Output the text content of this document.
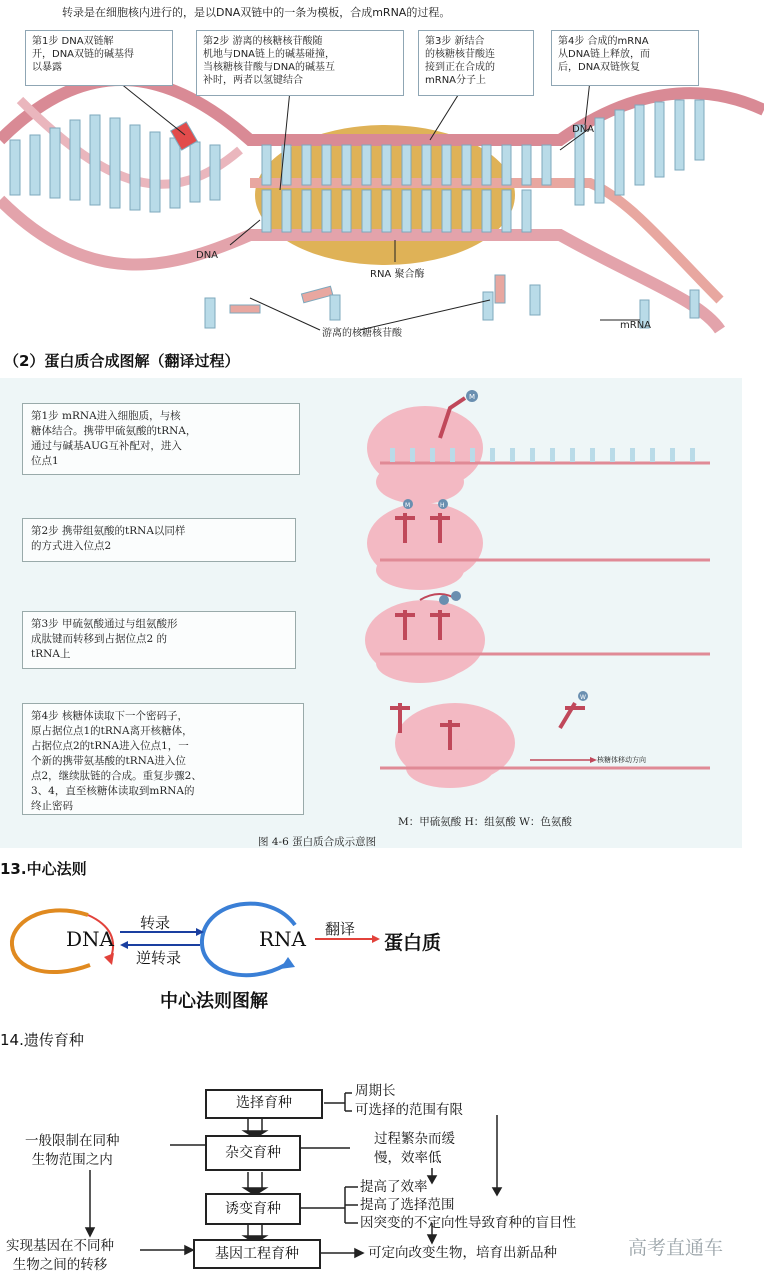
转录是在细胞核内进行的，是以DNA双链中的一条为模板，合成mRNA的过程。
第1步 DNA双链解
开，DNA双链的碱基得
以暴露
第2步 游离的核糖核苷酸随
机地与DNA链上的碱基碰撞，
当核糖核苷酸与DNA的碱基互
补时，两者以氢键结合
第3步 新结合
的核糖核苷酸连
接到正在合成的
mRNA分子上
第4步 合成的mRNA
从DNA链上释放，而
后，DNA双链恢复
DNA
DNA
RNA 聚合酶
游离的核糖核苷酸
mRNA
（2）蛋白质合成图解（翻译过程）
第1步 mRNA进入细胞质，与核
糖体结合。携带甲硫氨酸的tRNA，
通过与碱基AUG互补配对，进入
位点1
第2步 携带组氨酸的tRNA以同样
的方式进入位点2
第3步 甲硫氨酸通过与组氨酸形
成肽键而转移到占据位点2 的
tRNA上
第4步 核糖体读取下一个密码子，
原占据位点1的tRNA离开核糖体，
占据位点2的tRNA进入位点1，一
个新的携带氨基酸的tRNA进入位
点2，继续肽链的合成。重复步骤2、
3、4，直至核糖体读取到mRNA的
终止密码
M
M	H
W
核糖体移动方向
M：甲硫氨酸 H：组氨酸 W：色氨酸
图 4-6 蛋白质合成示意图
13.中心法则
DNA	RNA	蛋白质
转录
逆转录
翻译
中心法则图解
14.遗传育种
选择育种
杂交育种
诱变育种
基因工程育种
一般限制在同种
生物范围之内
实现基因在不同种
生物之间的转移
周期长
可选择的范围有限
过程繁杂而缓
慢，效率低
提高了效率
提高了选择范围
因突变的不定向性导致育种的盲目性
可定向改变生物，培育出新品种	高考直通车
